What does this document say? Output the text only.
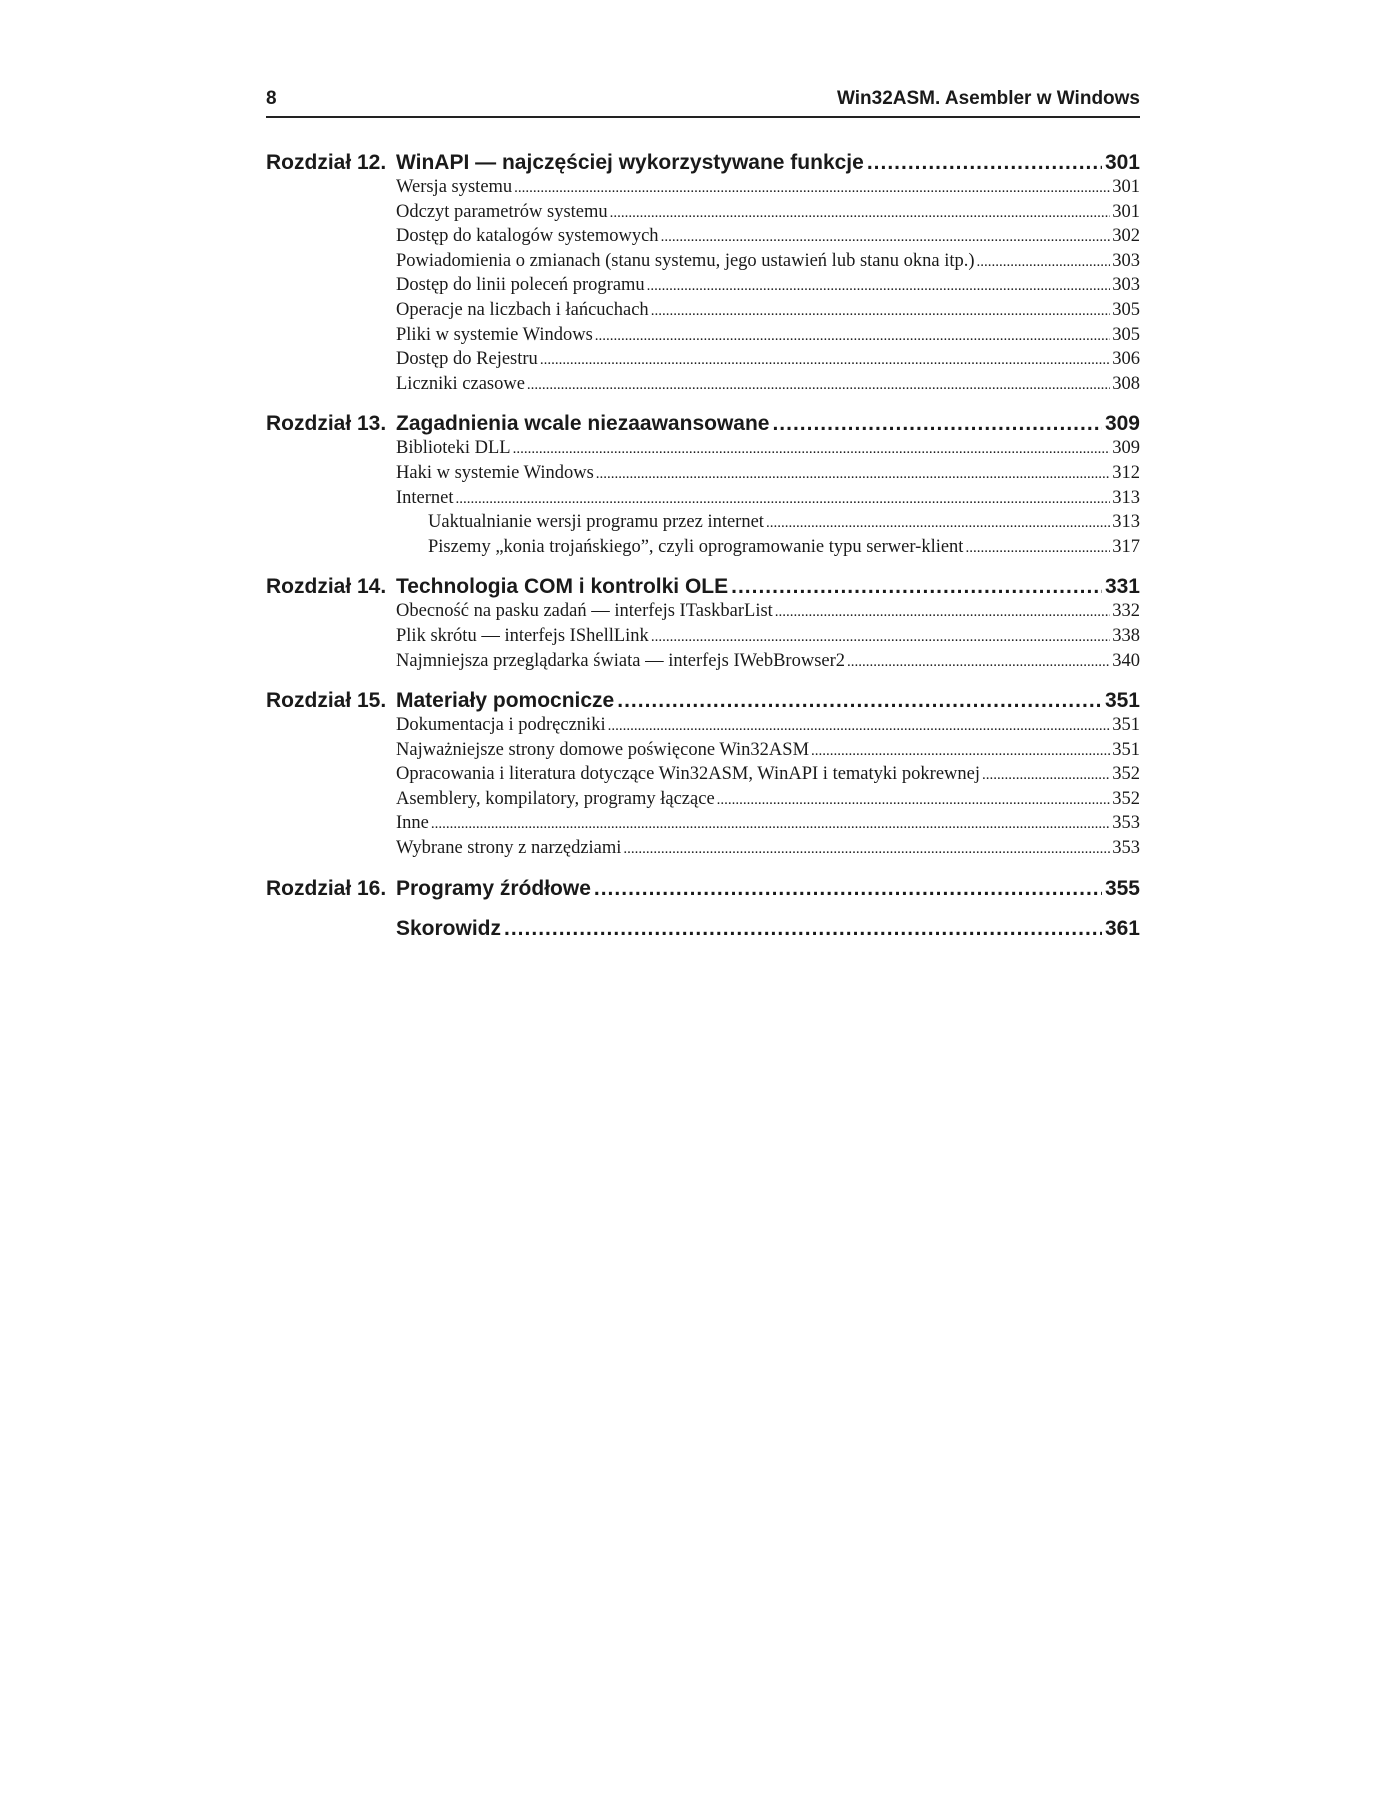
8	Win32ASM. Asembler w Windows
Rozdział 12. WinAPI — najczęściej wykorzystywane funkcje .....	301
Wersja systemu .....	301
Odczyt parametrów systemu .....	301
Dostęp do katalogów systemowych .....	302
Powiadomienia o zmianach (stanu systemu, jego ustawień lub stanu okna itp.) .....	303
Dostęp do linii poleceń programu .....	303
Operacje na liczbach i łańcuchach .....	305
Pliki w systemie Windows .....	305
Dostęp do Rejestru .....	306
Liczniki czasowe .....	308
Rozdział 13. Zagadnienia wcale niezaawansowane .....	309
Biblioteki DLL .....	309
Haki w systemie Windows .....	312
Internet .....	313
Uaktualnianie wersji programu przez internet .....	313
Piszemy „konia trojańskiego”, czyli oprogramowanie typu serwer-klient .....	317
Rozdział 14. Technologia COM i kontrolki OLE .....	331
Obecność na pasku zadań — interfejs ITaskbarList .....	332
Plik skrótu — interfejs IShellLink .....	338
Najmniejsza przeglądarka świata — interfejs IWebBrowser2 .....	340
Rozdział 15. Materiały pomocnicze .....	351
Dokumentacja i podręczniki .....	351
Najważniejsze strony domowe poświęcone Win32ASM .....	351
Opracowania i literatura dotyczące Win32ASM, WinAPI i tematyki pokrewnej .....	352
Asemblery, kompilatory, programy łączące .....	352
Inne .....	353
Wybrane strony z narzędziami .....	353
Rozdział 16. Programy źródłowe .....	355
Skorowidz .....	361
